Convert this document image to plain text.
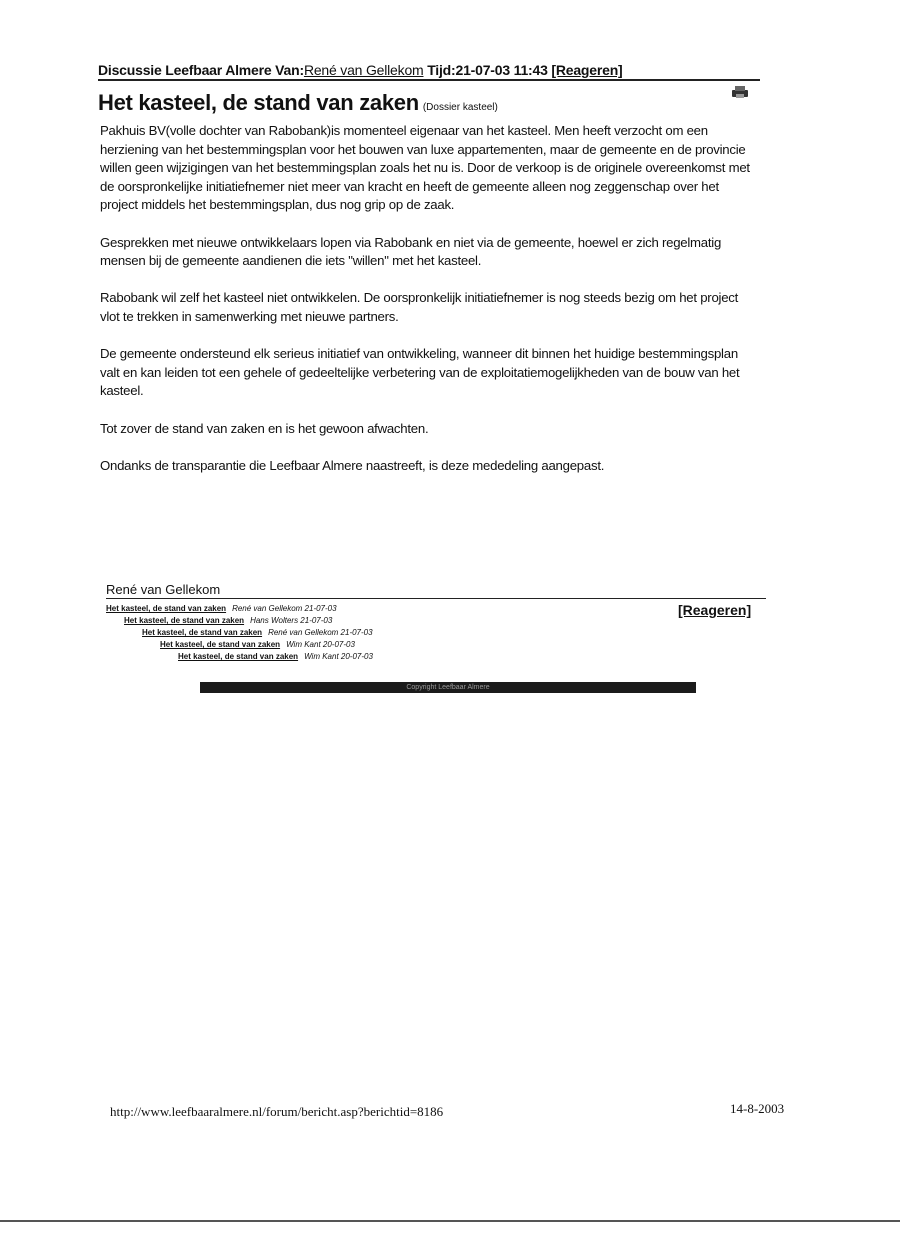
Discussie Leefbaar Almere Van:René van Gellekom Tijd:21-07-03 11:43 [Reageren]
Het kasteel, de stand van zaken (Dossier kasteel)

Pakhuis BV(volle dochter van Rabobank)is momenteel eigenaar van het kasteel. Men heeft verzocht om een herziening van het bestemmingsplan voor het bouwen van luxe appartementen, maar de gemeente en de provincie willen geen wijzigingen van het bestemmingsplan zoals het nu is. Door de verkoop is de originele overeenkomst met de oorspronkelijke initiatiefnemer niet meer van kracht en heeft de gemeente alleen nog zeggenschap over het project middels het bestemmingsplan, dus nog grip op de zaak.

Gesprekken met nieuwe ontwikkelaars lopen via Rabobank en niet via de gemeente, hoewel er zich regelmatig mensen bij de gemeente aandienen die iets "willen" met het kasteel.

Rabobank wil zelf het kasteel niet ontwikkelen. De oorspronkelijk initiatiefnemer is nog steeds bezig om het project vlot te trekken in samenwerking met nieuwe partners.

De gemeente ondersteund elk serieus initiatief van ontwikkeling, wanneer dit binnen het huidige bestemmingsplan valt en kan leiden tot een gehele of gedeeltelijke verbetering van de exploitatiemogelijkheden van de bouw van het kasteel.

Tot zover de stand van zaken en is het gewoon afwachten.

Ondanks de transparantie die Leefbaar Almere naastreeft, is deze mededeling aangepast.

René van Gellekom
[Reageren]
Het kasteel, de stand van zaken René van Gellekom 21-07-03
Het kasteel, de stand van zaken Hans Wolters 21-07-03
Het kasteel, de stand van zaken René van Gellekom 21-07-03
Het kasteel, de stand van zaken Wim Kant 20-07-03
Het kasteel, de stand van zaken Wim Kant 20-07-03
Copyright Leefbaar Almere
http://www.leefbaaralmere.nl/forum/bericht.asp?berichtid=8186	14-8-2003
